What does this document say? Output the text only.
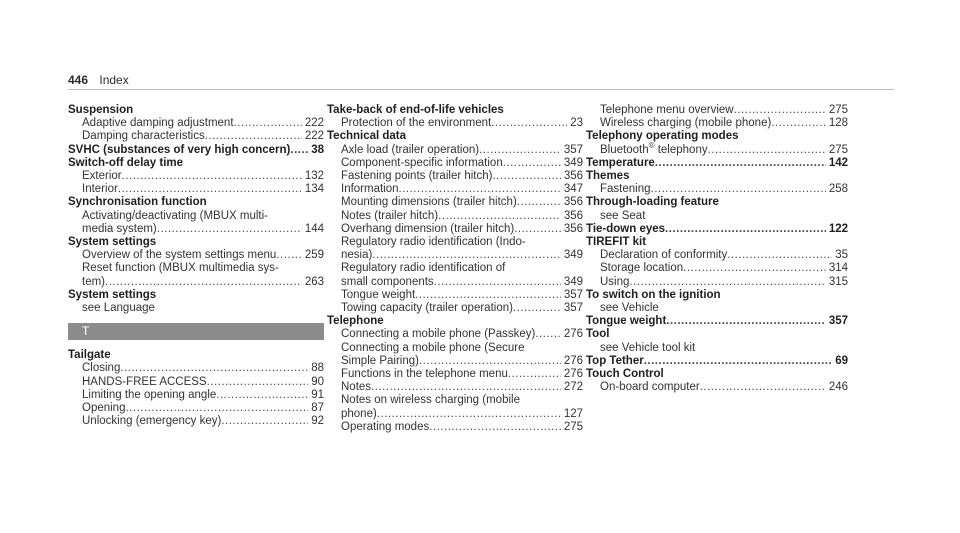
446 Index
Suspension
Adaptive damping adjustment .....	222
Damping characteristics .....	222
SVHC (substances of very high concern) ..... 38
Switch-off delay time
Exterior .....	132
Interior .....	134
Synchronisation function
Activating/deactivating (MBUX multi-
media system) .....	144
System settings
Overview of the system settings menu ..... 259
Reset function (MBUX multimedia sys-
tem) .....	263
System settings
see Language
T
Tailgate
Closing .....	88
HANDS-FREE ACCESS .....	90
Limiting the opening angle .....	91
Opening .....	87
Unlocking (emergency key) .....	92
Take-back of end-of-life vehicles
Protection of the environment .....	23
Technical data
Axle load (trailer operation) .....	357
Component-specific information .....	349
Fastening points (trailer hitch) .....	356
Information .....	347
Mounting dimensions (trailer hitch) .....	356
Notes (trailer hitch) .....	356
Overhang dimension (trailer hitch) .....	356
Regulatory radio identification (Indo-
nesia) .....	349
Regulatory radio identification of
small components .....	349
Tongue weight .....	357
Towing capacity (trailer operation) .....	357
Telephone
Connecting a mobile phone (Passkey) ..... 276
Connecting a mobile phone (Secure
Simple Pairing) .....	276
Functions in the telephone menu .....	276
Notes .....	272
Notes on wireless charging (mobile
phone) .....	127
Operating modes .....	275
Telephone menu overview .....	275
Wireless charging (mobile phone) .....	128
Telephony operating modes
Bluetooth® telephony .....	275
Temperature .....	142
Themes
Fastening .....	258
Through-loading feature
see Seat
Tie-down eyes .....	122
TIREFIT kit
Declaration of conformity .....	35
Storage location .....	314
Using .....	315
To switch on the ignition
see Vehicle
Tongue weight .....	357
Tool
see Vehicle tool kit
Top Tether .....	69
Touch Control
On-board computer .....	246
